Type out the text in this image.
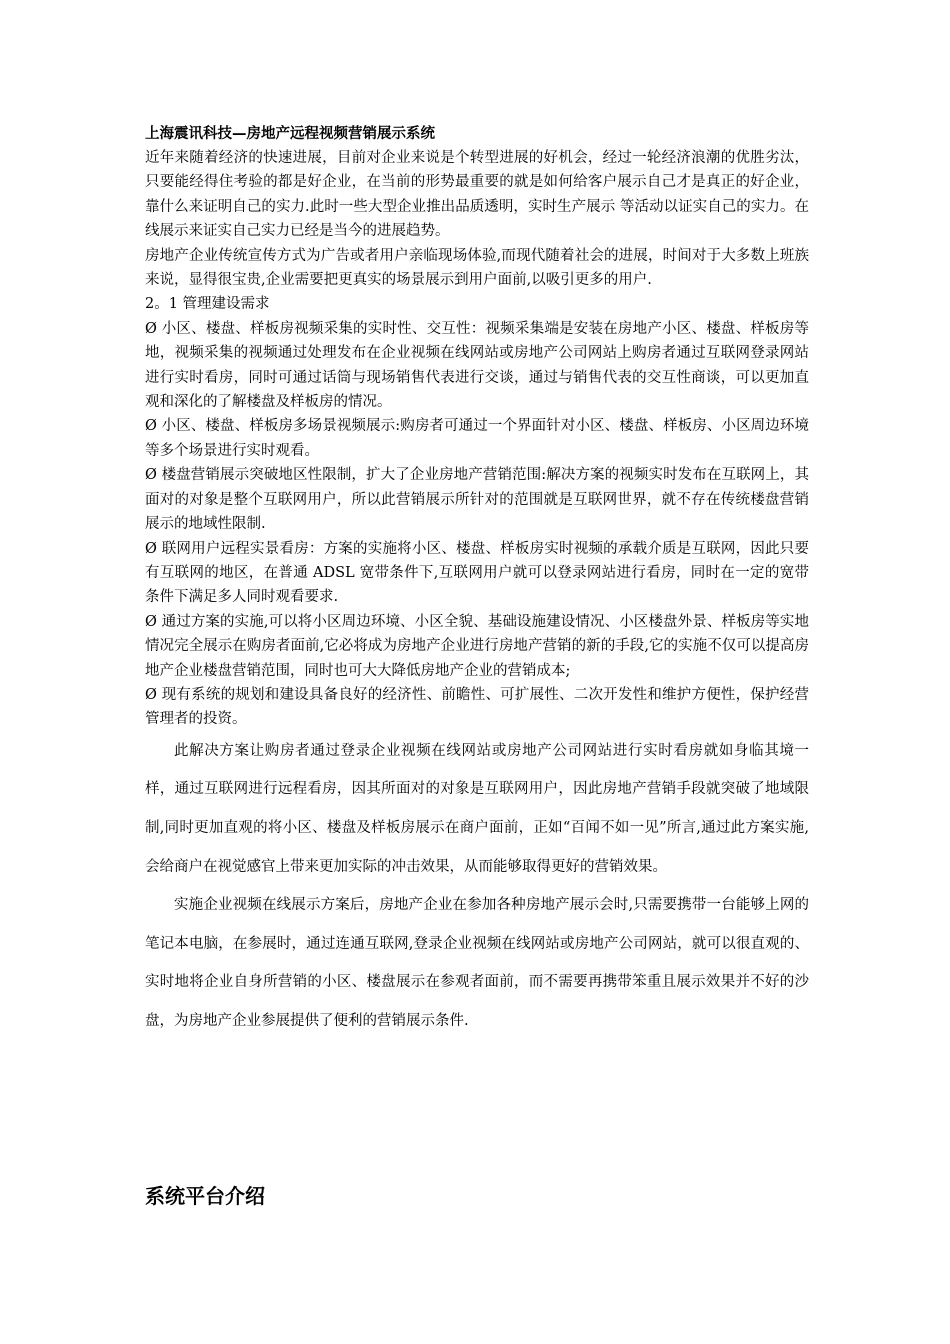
上海震讯科技—房地产远程视频营销展示系统

近年来随着经济的快速进展，目前对企业来说是个转型进展的好机会，经过一轮经济浪潮的优胜劣汰，只要能经得住考验的都是好企业，在当前的形势最重要的就是如何给客户展示自己才是真正的好企业，靠什么来证明自己的实力.此时一些大型企业推出品质透明，实时生产展示 等活动以证实自己的实力。在线展示来证实自己实力已经是当今的进展趋势。

房地产企业传统宣传方式为广告或者用户亲临现场体验,而现代随着社会的进展，时间对于大多数上班族来说，显得很宝贵,企业需要把更真实的场景展示到用户面前,以吸引更多的用户.

2。1 管理建设需求

Ø 小区、楼盘、样板房视频采集的实时性、交互性：视频采集端是安装在房地产小区、楼盘、样板房等地，视频采集的视频通过处理发布在企业视频在线网站或房地产公司网站上购房者通过互联网登录网站进行实时看房，同时可通过话筒与现场销售代表进行交谈，通过与销售代表的交互性商谈，可以更加直观和深化的了解楼盘及样板房的情况。

Ø 小区、楼盘、样板房多场景视频展示:购房者可通过一个界面针对小区、楼盘、样板房、小区周边环境等多个场景进行实时观看。

Ø 楼盘营销展示突破地区性限制，扩大了企业房地产营销范围:解决方案的视频实时发布在互联网上，其面对的对象是整个互联网用户，所以此营销展示所针对的范围就是互联网世界，就不存在传统楼盘营销展示的地域性限制.

Ø 联网用户远程实景看房：方案的实施将小区、楼盘、样板房实时视频的承载介质是互联网，因此只要有互联网的地区，在普通 ADSL 宽带条件下,互联网用户就可以登录网站进行看房，同时在一定的宽带条件下满足多人同时观看要求.

Ø 通过方案的实施,可以将小区周边环境、小区全貌、基础设施建设情况、小区楼盘外景、样板房等实地情况完全展示在购房者面前,它必将成为房地产企业进行房地产营销的新的手段,它的实施不仅可以提高房地产企业楼盘营销范围，同时也可大大降低房地产企业的营销成本;

Ø 现有系统的规划和建设具备良好的经济性、前瞻性、可扩展性、二次开发性和维护方便性，保护经营管理者的投资。

此解决方案让购房者通过登录企业视频在线网站或房地产公司网站进行实时看房就如身临其境一样，通过互联网进行远程看房，因其所面对的对象是互联网用户，因此房地产营销手段就突破了地域限制,同时更加直观的将小区、楼盘及样板房展示在商户面前，正如“百闻不如一见”所言,通过此方案实施,会给商户在视觉感官上带来更加实际的冲击效果，从而能够取得更好的营销效果。

实施企业视频在线展示方案后，房地产企业在参加各种房地产展示会时,只需要携带一台能够上网的笔记本电脑，在参展时，通过连通互联网,登录企业视频在线网站或房地产公司网站，就可以很直观的、实时地将企业自身所营销的小区、楼盘展示在参观者面前，而不需要再携带笨重且展示效果并不好的沙盘，为房地产企业参展提供了便利的营销展示条件.

系统平台介绍
